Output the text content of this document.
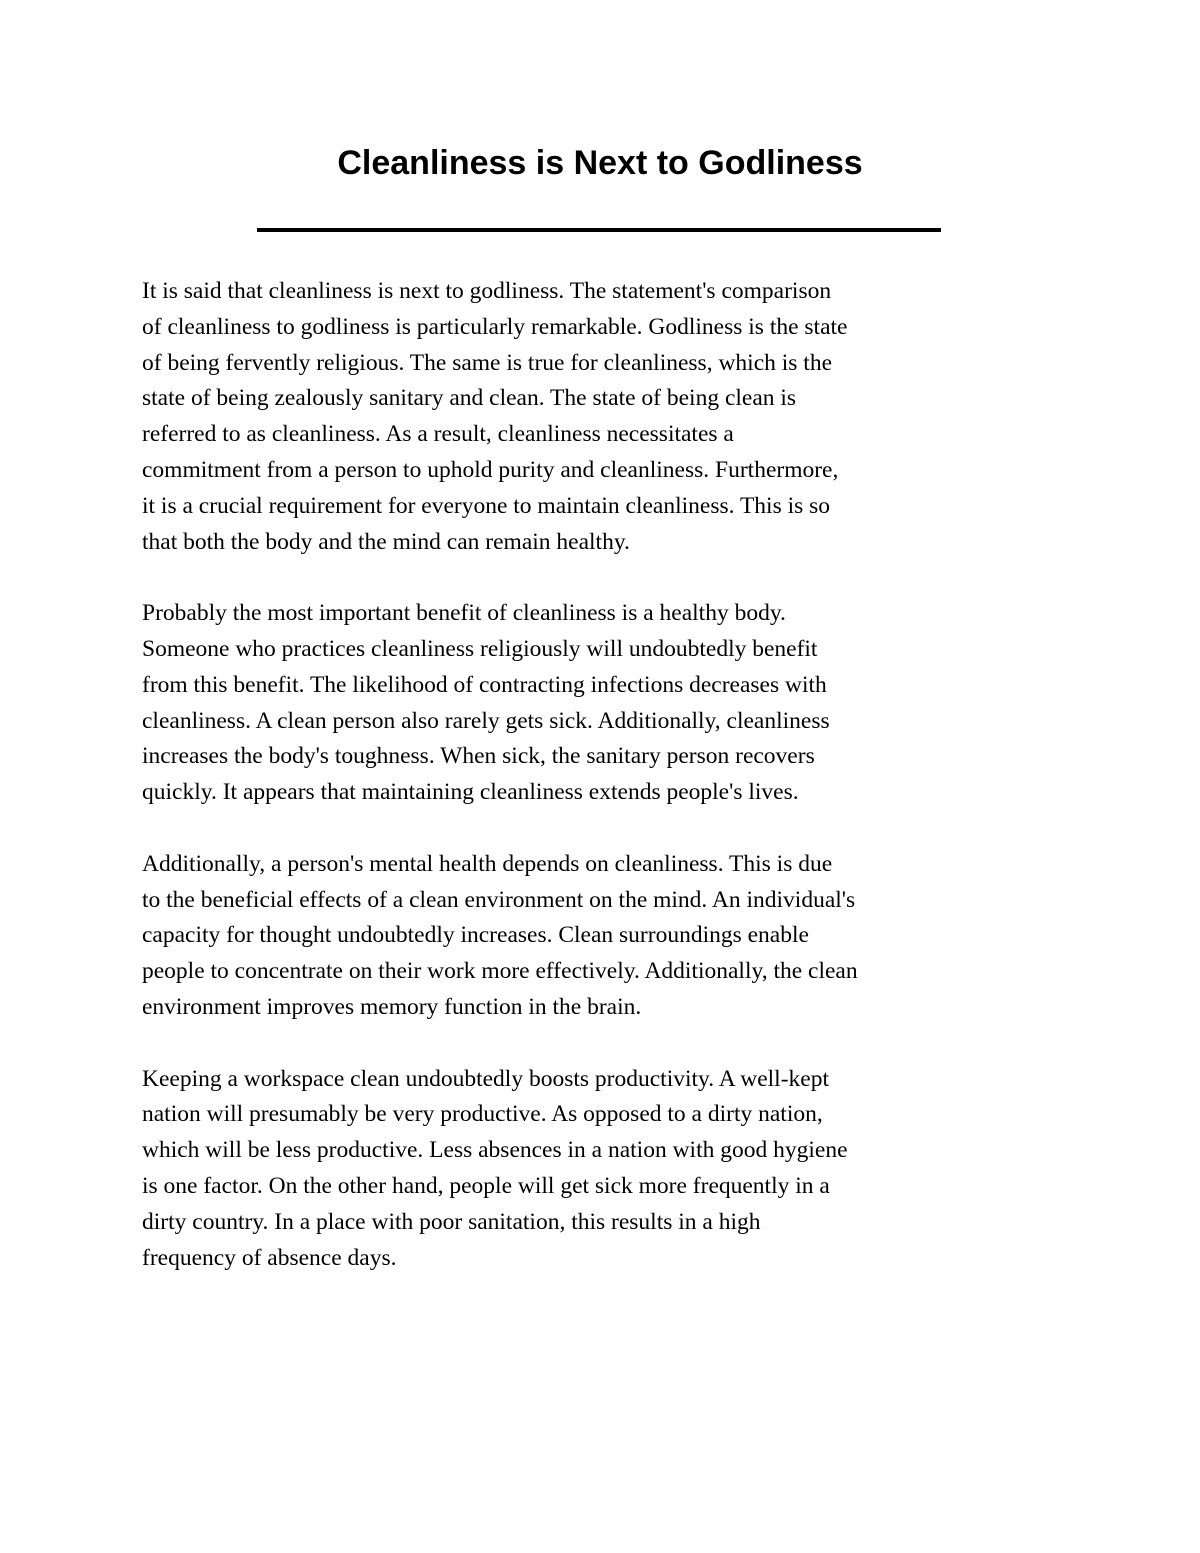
Cleanliness is Next to Godliness

It is said that cleanliness is next to godliness. The statement's comparison
of cleanliness to godliness is particularly remarkable. Godliness is the state
of being fervently religious. The same is true for cleanliness, which is the
state of being zealously sanitary and clean. The state of being clean is
referred to as cleanliness. As a result, cleanliness necessitates a
commitment from a person to uphold purity and cleanliness. Furthermore,
it is a crucial requirement for everyone to maintain cleanliness. This is so
that both the body and the mind can remain healthy.

Probably the most important benefit of cleanliness is a healthy body.
Someone who practices cleanliness religiously will undoubtedly benefit
from this benefit. The likelihood of contracting infections decreases with
cleanliness. A clean person also rarely gets sick. Additionally, cleanliness
increases the body's toughness. When sick, the sanitary person recovers
quickly. It appears that maintaining cleanliness extends people's lives.

Additionally, a person's mental health depends on cleanliness. This is due
to the beneficial effects of a clean environment on the mind. An individual's
capacity for thought undoubtedly increases. Clean surroundings enable
people to concentrate on their work more effectively. Additionally, the clean
environment improves memory function in the brain.

Keeping a workspace clean undoubtedly boosts productivity. A well-kept
nation will presumably be very productive. As opposed to a dirty nation,
which will be less productive. Less absences in a nation with good hygiene
is one factor. On the other hand, people will get sick more frequently in a
dirty country. In a place with poor sanitation, this results in a high
frequency of absence days.
